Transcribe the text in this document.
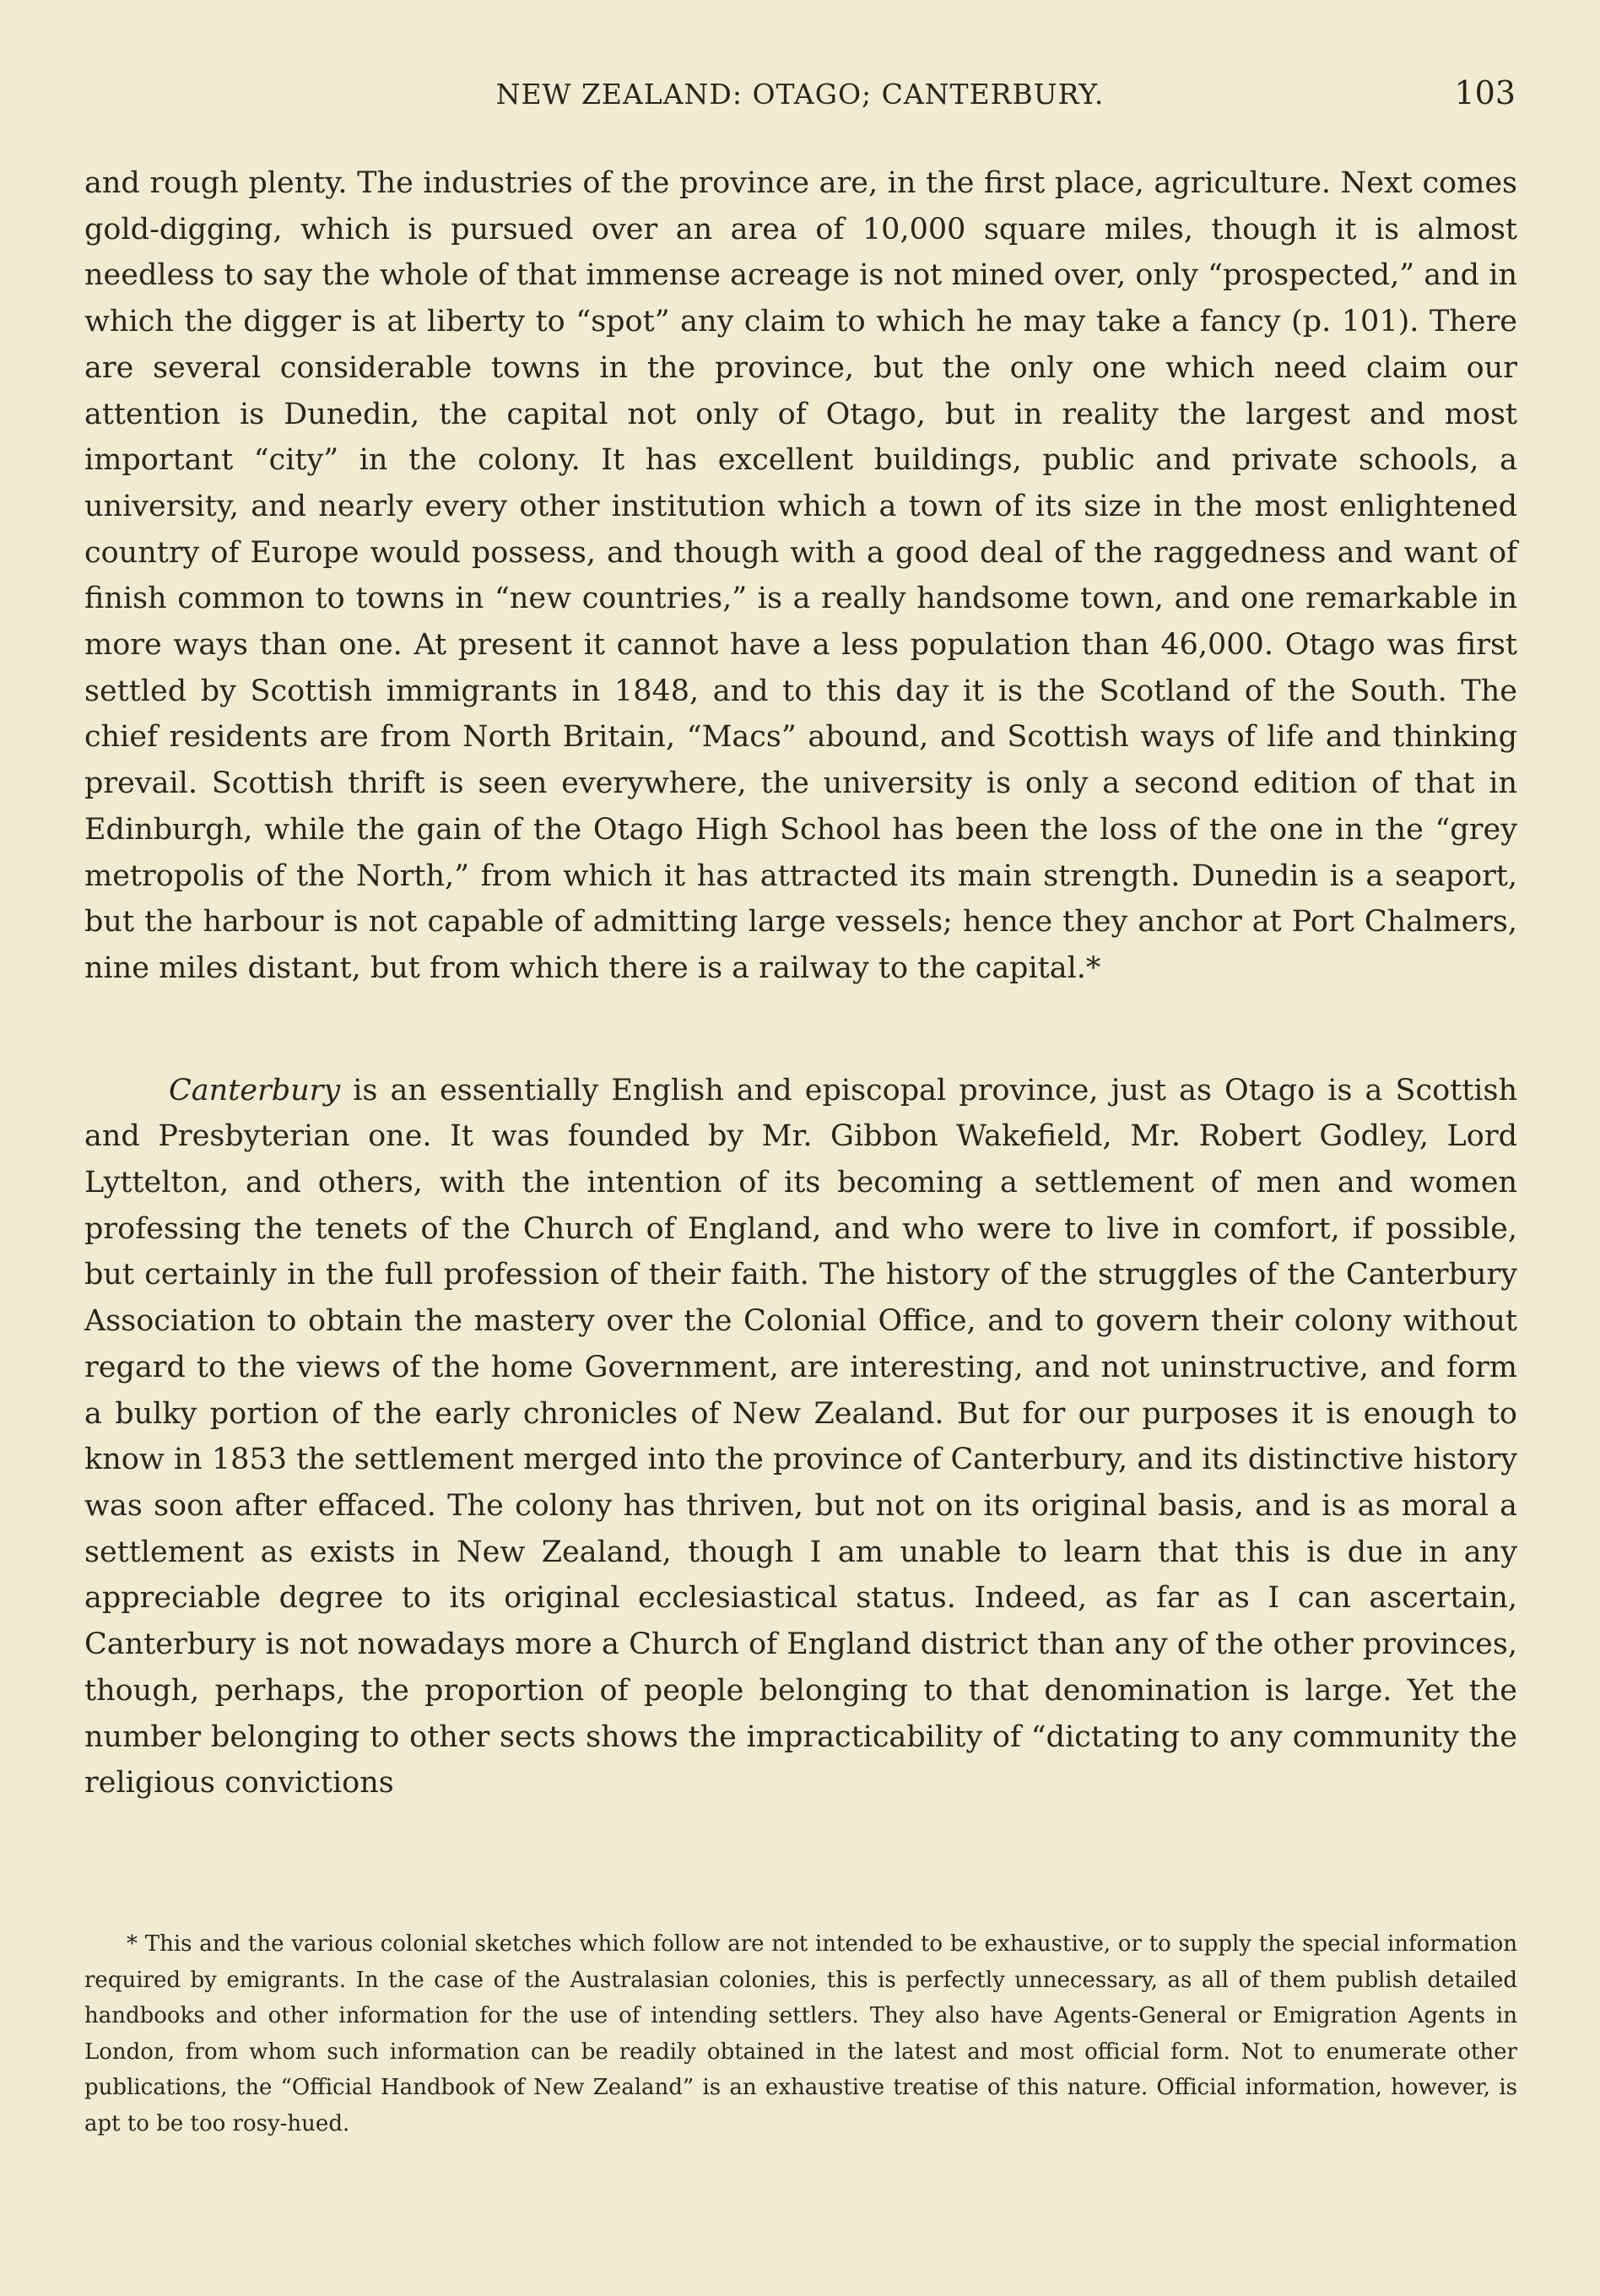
NEW ZEALAND: OTAGO; CANTERBURY.	103

and rough plenty. The industries of the province are, in the first place, agriculture. Next comes gold-digging, which is pursued over an area of 10,000 square miles, though it is almost needless to say the whole of that immense acreage is not mined over, only “prospected,” and in which the digger is at liberty to “spot” any claim to which he may take a fancy (p. 101). There are several considerable towns in the province, but the only one which need claim our attention is Dunedin, the capital not only of Otago, but in reality the largest and most important “city” in the colony. It has excellent buildings, public and private schools, a university, and nearly every other institution which a town of its size in the most enlightened country of Europe would possess, and though with a good deal of the raggedness and want of finish common to towns in “new countries,” is a really handsome town, and one remarkable in more ways than one. At present it cannot have a less population than 46,000. Otago was first settled by Scottish immigrants in 1848, and to this day it is the Scotland of the South. The chief residents are from North Britain, “Macs” abound, and Scottish ways of life and thinking prevail. Scottish thrift is seen everywhere, the university is only a second edition of that in Edinburgh, while the gain of the Otago High School has been the loss of the one in the “grey metropolis of the North,” from which it has attracted its main strength. Dunedin is a seaport, but the harbour is not capable of admitting large vessels; hence they anchor at Port Chalmers, nine miles distant, but from which there is a railway to the capital.*

Canterbury is an essentially English and episcopal province, just as Otago is a Scottish and Presbyterian one. It was founded by Mr. Gibbon Wakefield, Mr. Robert Godley, Lord Lyttelton, and others, with the intention of its becoming a settlement of men and women professing the tenets of the Church of England, and who were to live in comfort, if possible, but certainly in the full profession of their faith. The history of the struggles of the Canterbury Association to obtain the mastery over the Colonial Office, and to govern their colony without regard to the views of the home Government, are interesting, and not uninstructive, and form a bulky portion of the early chronicles of New Zealand. But for our purposes it is enough to know in 1853 the settlement merged into the province of Canterbury, and its distinctive history was soon after effaced. The colony has thriven, but not on its original basis, and is as moral a settlement as exists in New Zealand, though I am unable to learn that this is due in any appreciable degree to its original ecclesiastical status. Indeed, as far as I can ascertain, Canterbury is not nowadays more a Church of England district than any of the other provinces, though, perhaps, the proportion of people belonging to that denomination is large. Yet the number belonging to other sects shows the impracticability of “dictating to any community the religious convictions

* This and the various colonial sketches which follow are not intended to be exhaustive, or to supply the special information required by emigrants. In the case of the Australasian colonies, this is perfectly unnecessary, as all of them publish detailed handbooks and other information for the use of intending settlers. They also have Agents-General or Emigration Agents in London, from whom such information can be readily obtained in the latest and most official form. Not to enumerate other publications, the “Official Handbook of New Zealand” is an exhaustive treatise of this nature. Official information, however, is apt to be too rosy-hued.
